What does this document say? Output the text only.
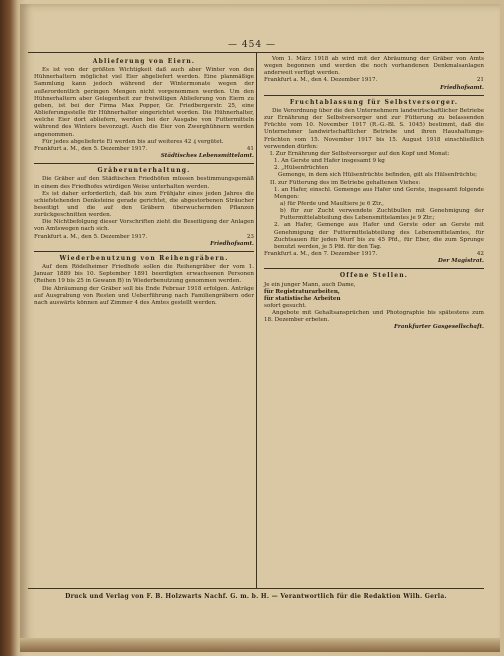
— 454 —
Ablieferung von Eiern.

Es ist von der größten Wichtigkeit daß auch aber Winter von den Hühnerhaltern möglichst viel Eier abgeliefert werden. Eine planmäßige Sammlung kann jedoch während der Wintermonate wegen der außerordentlich geringen Mengen nicht vorgenommen werden. Um den Hühnerhaltern aber Gelegenheit zur freiwilligen Ablieferung von Eiern zu geben, ist bei der Firma Max Popper, Gr. Friedbergerstr. 25, eine Ablieferungsstelle für Hühnerhalter eingerichtet worden. Die Hühnerhalter, welche Eier dort abliefern, werden bei der Ausgabe von Futtermitteln während des Winters bevorzugt. Auch die Eier von Zwerghühnern werden angenommen.

Für jedes abgelieferte Ei werden bis auf weiteres 42 ₰ vergütet.

Frankfurt a. M., den 5. Dezember 1917.	41
Städtisches Lebensmittelamt.
Gräberunterhaltung.

Die Gräber auf den Städtischen Friedhöfen müssen bestimmungsgemäß in einem des Friedhofes würdigen Weise unterhalten werden.

Es ist daher erforderlich, daß bis zum Frühjahr eines jeden Jahres die schiefstehenden Denksteine gerade gerichtet, die abgestorbenen Sträucher beseitigt und die auf den Gräbern überwuchernden Pflanzen zurückgeschnitten werden.

Die Nichtbefolgung dieser Vorschriften zieht die Beseitigung der Anlagen von Amtswegen nach sich.

Frankfurt a. M., den 5. Dezember 1917.	23
Friedhofsamt.
Wiederbenutzung von Reihengräbern.

Auf dem Rödelheimer Friedhofe sollen die Reihengräber der vom 1. Januar 1889 bis 10. September 1891 beerdigten erwachsenen Personen (Reihen 19 bis 25 in Gewann B) in Wiederbenutzung genommen werden.

Die Abräumung der Gräber soll bis Ende Februar 1918 erfolgen. Anträge auf Ausgrabung von Resten und Ueberführung nach Familiengräbern oder nach auswärts können auf Zimmer 4 des Amtes gestellt werden.

Vom 1. März 1918 ab wird mit der Abräumung der Gräber von Amts wegen begonnen und werden die noch vorhandenen Denkmalsanlagen anderweit verfügt werden.

Frankfurt a. M., den 4. Dezember 1917.	21
Friedhofsamt.
Fruchtablassung für Selbstversorger.

Die Verordnung über die den Unternehmern landwirtschaftlicher Betriebe zur Ernährung der Selbstversorger und zur Fütterung zu belassenden Früchte vom 10. November 1917 (R.-G.-Bl. S. 1045) bestimmt, daß die Unternehmer landwirtschaftlicher Betriebe und ihren Haushaltungs-Früchten vom 15. November 1917 bis 15. August 1918 einschließlich verwenden dürfen:

I. Zur Ernährung der Selbstversorger auf den Kopf und Monat:

1. An Gerste und Hafer insgesamt 9 kg

2. „Hülsenfrüchten

Gemenge, in dem sich Hülsenfrüchte befinden, gilt als Hülsenfrüchte;

II. zur Fütterung des im Betriebe gehaltenen Viehes:

1. an Hafer, einschl. Gemenge aus Hafer und Gerste, insgesamt folgende Mengen:

a) für Pferde und Maultiere je 6 Ztr.,

b) für zur Zucht verwendete Zuchtbullen mit Genehmigung der Futtermittelabteilung des Lebensmittelamtes je 9 Ztr.;

2. an Hafer, Gemenge aus Hafer und Gerste oder an Gerste mit Genehmigung der Futtermittelabteilung des Lebensmittelamtes, für Zuchtsauen für jeden Wurf bis zu 45 Pfd., für Eber, die zum Sprunge benutzt werden, je 5 Pfd. für den Tag.

Frankfurt a. M., den 7. Dezember 1917.	42
Der Magistrat.
Offene Stellen.

Je ein junger Mann, auch Dame,

für Registraturarbeiten,

für statistische Arbeiten

sofort gesucht.

Angebote mit Gehaltsansprüchen und Photographie bis spätestens zum 18. Dezember erbeten.

Frankfurter Gasgesellschaft.
Druck und Verlag von F. B. Holzwarts Nachf. G. m. b. H. — Verantwortlich für die Redaktion Wilh. Gerla.
